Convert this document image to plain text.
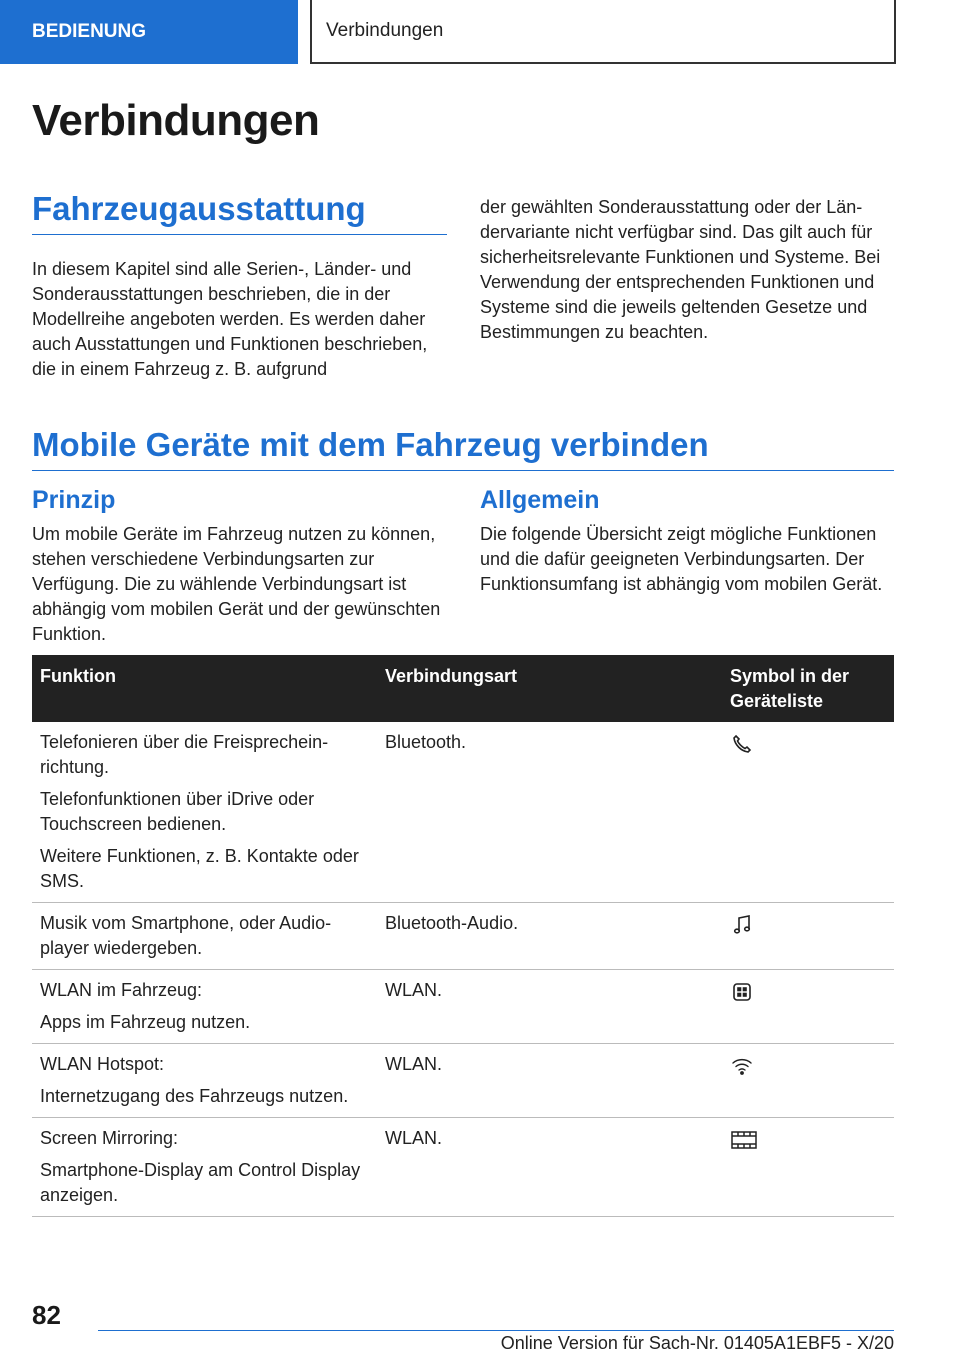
BEDIENUNG	Verbindungen
Verbindungen
Fahrzeugausstattung

In diesem Kapitel sind alle Serien-, Länder- und Sonderausstattungen beschrieben, die in der Modellreihe angeboten werden. Es werden daher auch Ausstattungen und Funktionen beschrieben, die in einem Fahrzeug z. B. aufgrund

der gewählten Sonderausstattung oder der Ländervariante nicht verfügbar sind. Das gilt auch für sicherheitsrelevante Funktionen und Systeme. Bei Verwendung der entsprechenden Funktionen und Systeme sind die jeweils geltenden Gesetze und Bestimmungen zu beachten.

Mobile Geräte mit dem Fahrzeug verbinden
Prinzip

Um mobile Geräte im Fahrzeug nutzen zu können, stehen verschiedene Verbindungsarten zur Verfügung. Die zu wählende Verbindungsart ist abhängig vom mobilen Gerät und der gewünschten Funktion.

Allgemein

Die folgende Übersicht zeigt mögliche Funktionen und die dafür geeigneten Verbindungsarten. Der Funktionsumfang ist abhängig vom mobilen Gerät.

Funktion	Verbindungsart	Symbol in der Geräteliste

Telefonieren über die Freisprecheinrichtung.

Telefonfunktionen über iDrive oder Touchscreen bedienen.

Weitere Funktionen, z. B. Kontakte oder SMS.	Bluetooth.	

Musik vom Smartphone, oder Audioplayer wiedergeben.	Bluetooth-Audio.	

WLAN im Fahrzeug:

Apps im Fahrzeug nutzen.	WLAN.	

WLAN Hotspot:

Internetzugang des Fahrzeugs nutzen.	WLAN.	

Screen Mirroring:

Smartphone-Display am Control Display anzeigen.	WLAN.	
82
Online Version für Sach-Nr. 01405A1EBF5 - X/20
